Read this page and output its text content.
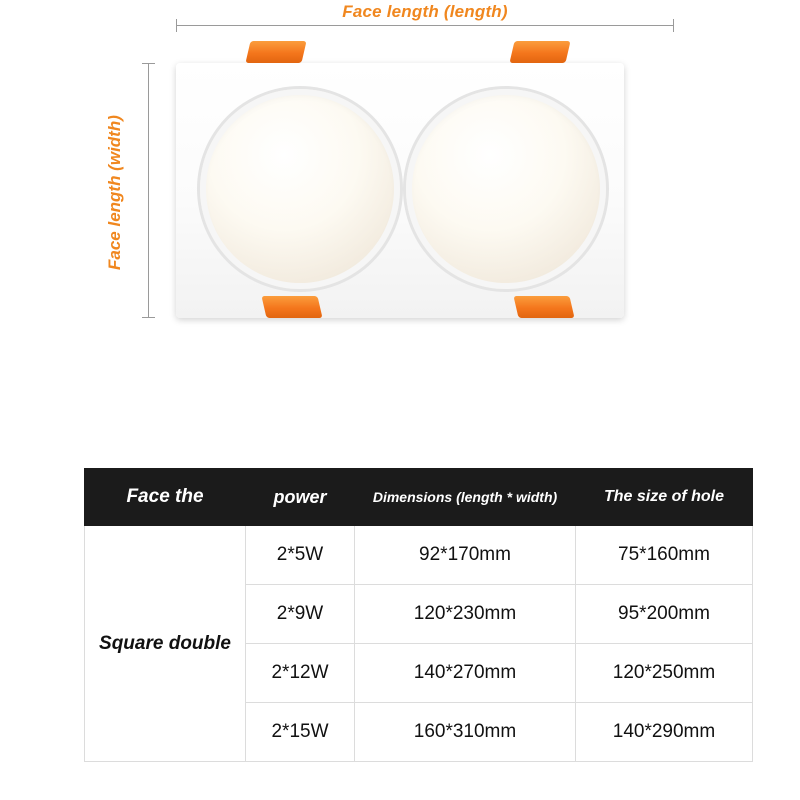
Face length (length)
Face length (width)
Face the	power	Dimensions (length * width)	The size of hole
Square double	2*5W	92*170mm	75*160mm
	2*9W	120*230mm	95*200mm
	2*12W	140*270mm	120*250mm
	2*15W	160*310mm	140*290mm
